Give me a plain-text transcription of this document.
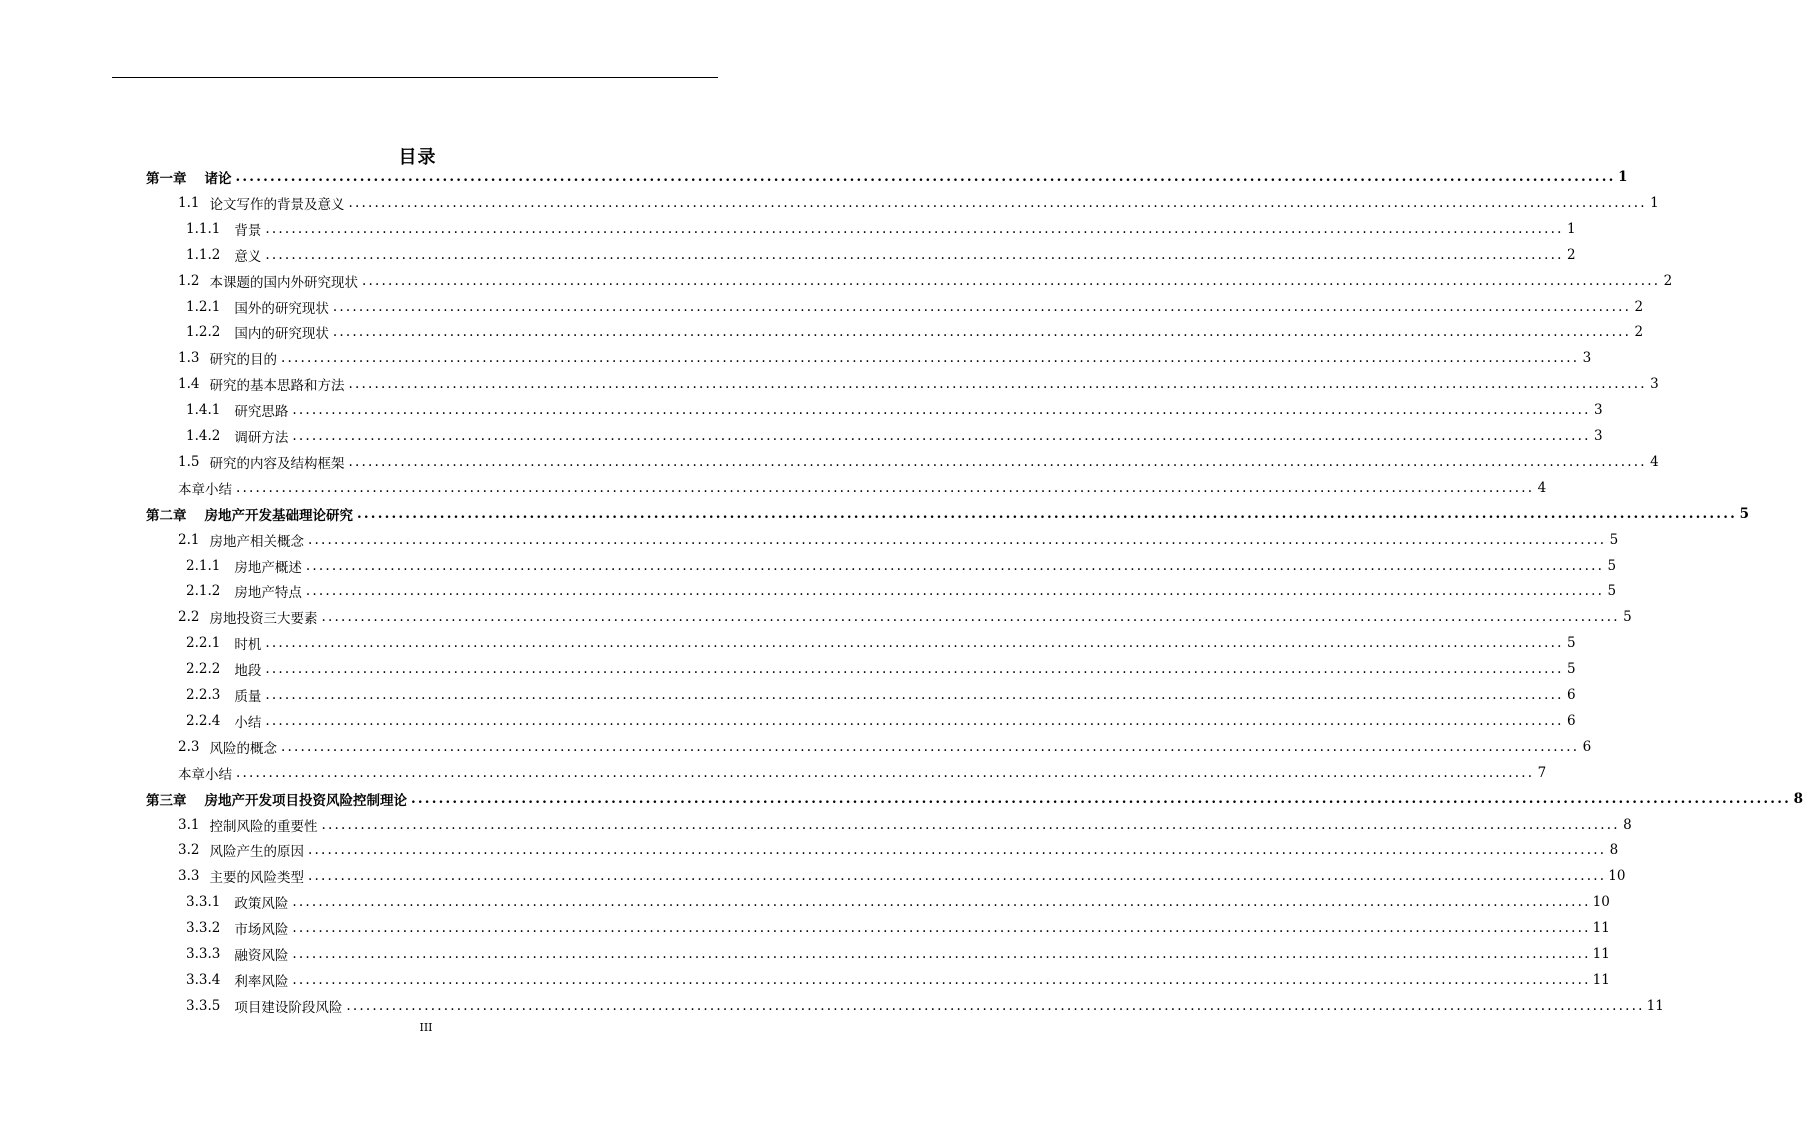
目录
第一章 诸论 ........................................................................................................................................................................................................ 1
1.1 论文写作的背景及意义 ........................................................................................................................................................................................................ 1
1.1.1 背景 ........................................................................................................................................................................................................ 1
1.1.2 意义 ........................................................................................................................................................................................................ 2
1.2 本课题的国内外研究现状 ........................................................................................................................................................................................................ 2
1.2.1 国外的研究现状 ........................................................................................................................................................................................................ 2
1.2.2 国内的研究现状 ........................................................................................................................................................................................................ 2
1.3 研究的目的 ........................................................................................................................................................................................................ 3
1.4 研究的基本思路和方法 ........................................................................................................................................................................................................ 3
1.4.1 研究思路 ........................................................................................................................................................................................................ 3
1.4.2 调研方法 ........................................................................................................................................................................................................ 3
1.5 研究的内容及结构框架 ........................................................................................................................................................................................................ 4
本章小结 ........................................................................................................................................................................................................ 4
第二章 房地产开发基础理论研究 ........................................................................................................................................................................................................ 5
2.1 房地产相关概念 ........................................................................................................................................................................................................ 5
2.1.1 房地产概述 ........................................................................................................................................................................................................ 5
2.1.2 房地产特点 ........................................................................................................................................................................................................ 5
2.2 房地投资三大要素 ........................................................................................................................................................................................................ 5
2.2.1 时机 ........................................................................................................................................................................................................ 5
2.2.2 地段 ........................................................................................................................................................................................................ 5
2.2.3 质量 ........................................................................................................................................................................................................ 6
2.2.4 小结 ........................................................................................................................................................................................................ 6
2.3 风险的概念 ........................................................................................................................................................................................................ 6
本章小结 ........................................................................................................................................................................................................ 7
第三章 房地产开发项目投资风险控制理论 ........................................................................................................................................................................................................ 8
3.1 控制风险的重要性 ........................................................................................................................................................................................................ 8
3.2 风险产生的原因 ........................................................................................................................................................................................................ 8
3.3 主要的风险类型 ........................................................................................................................................................................................................ 10
3.3.1 政策风险 ........................................................................................................................................................................................................ 10
3.3.2 市场风险 ........................................................................................................................................................................................................ 11
3.3.3 融资风险 ........................................................................................................................................................................................................ 11
3.3.4 利率风险 ........................................................................................................................................................................................................ 11
3.3.5 项目建设阶段风险 ........................................................................................................................................................................................................ 11
III
